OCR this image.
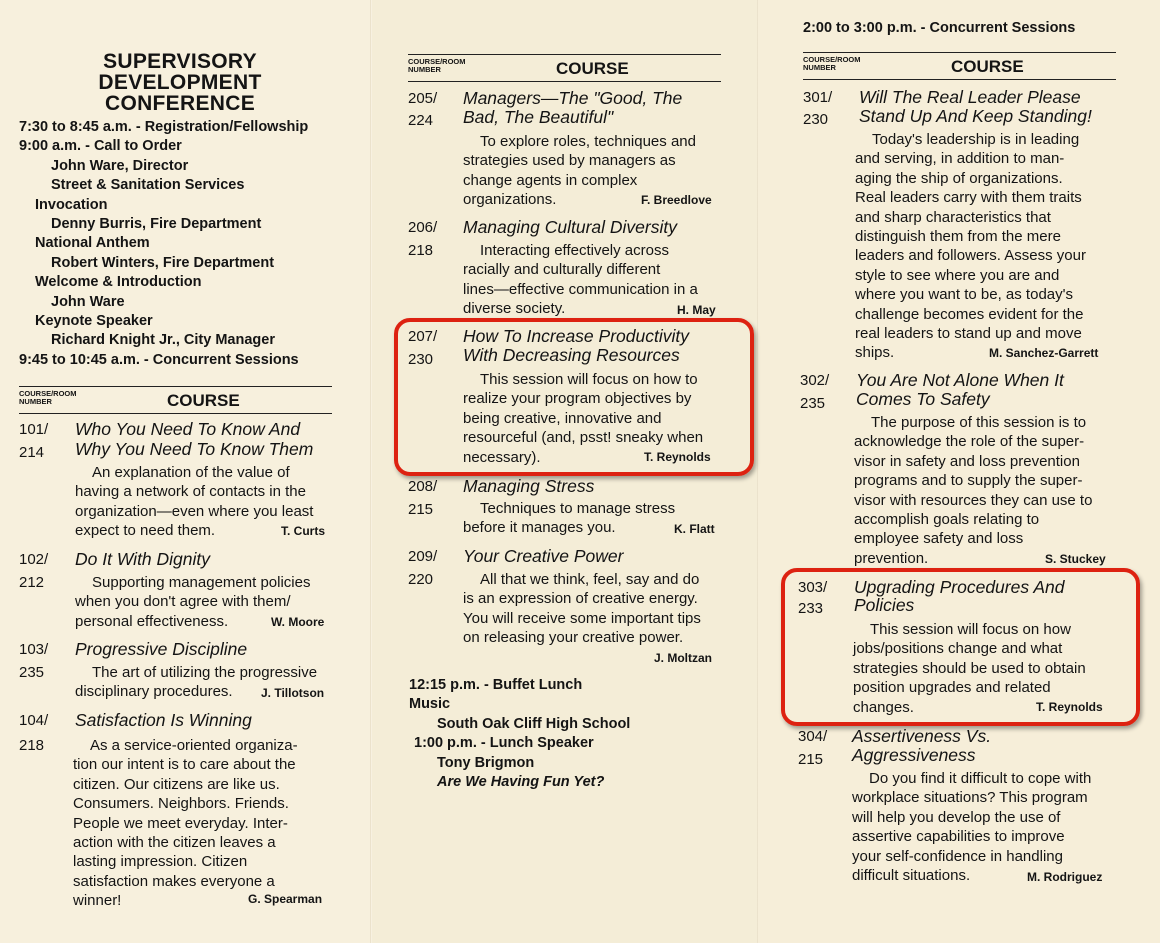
SUPERVISORY
DEVELOPMENT
CONFERENCE
7:30 to 8:45 a.m. - Registration/Fellowship
9:00 a.m. - Call to Order
John Ware, Director
Street & Sanitation Services
Invocation
Denny Burris, Fire Department
National Anthem
Robert Winters, Fire Department
Welcome & Introduction
John Ware
Keynote Speaker
Richard Knight Jr., City Manager
9:45 to 10:45 a.m. - Concurrent Sessions
COURSE/ROOM
NUMBER	COURSE
101/
214
Who You Need To Know And
Why You Need To Know Them
An explanation of the value of
having a network of contacts in the
organization—even where you least
expect to need them.	T. Curts
102/
212
Do It With Dignity
Supporting management policies
when you don't agree with them/
personal effectiveness.	W. Moore
103/
235
Progressive Discipline
The art of utilizing the progressive
disciplinary procedures.	J. Tillotson
104/
218
Satisfaction Is Winning
As a service-oriented organiza-
tion our intent is to care about the
citizen. Our citizens are like us.
Consumers. Neighbors. Friends.
People we meet everyday. Inter-
action with the citizen leaves a
lasting impression. Citizen
satisfaction makes everyone a
winner!	G. Spearman
COURSE/ROOM
NUMBER	COURSE
205/
224
Managers—The "Good, The
Bad, The Beautiful"
To explore roles, techniques and
strategies used by managers as
change agents in complex
organizations.	F. Breedlove
206/
218
Managing Cultural Diversity
Interacting effectively across
racially and culturally different
lines—effective communication in a
diverse society.	H. May
207/
230
How To Increase Productivity
With Decreasing Resources
This session will focus on how to
realize your program objectives by
being creative, innovative and
resourceful (and, psst! sneaky when
necessary).	T. Reynolds
208/
215
Managing Stress
Techniques to manage stress
before it manages you.	K. Flatt
209/
220
Your Creative Power
All that we think, feel, say and do
is an expression of creative energy.
You will receive some important tips
on releasing your creative power.
J. Moltzan
12:15 p.m. - Buffet Lunch
Music
South Oak Cliff High School
1:00 p.m. - Lunch Speaker
Tony Brigmon
Are We Having Fun Yet?
2:00 to 3:00 p.m. - Concurrent Sessions
COURSE/ROOM
NUMBER	COURSE
301/
230
Will The Real Leader Please
Stand Up And Keep Standing!
Today's leadership is in leading
and serving, in addition to man-
aging the ship of organizations.
Real leaders carry with them traits
and sharp characteristics that
distinguish them from the mere
leaders and followers. Assess your
style to see where you are and
where you want to be, as today's
challenge becomes evident for the
real leaders to stand up and move
ships.	M. Sanchez-Garrett
302/
235
You Are Not Alone When It
Comes To Safety
The purpose of this session is to
acknowledge the role of the super-
visor in safety and loss prevention
programs and to supply the super-
visor with resources they can use to
accomplish goals relating to
employee safety and loss
prevention.	S. Stuckey
303/
233
Upgrading Procedures And
Policies
This session will focus on how
jobs/positions change and what
strategies should be used to obtain
position upgrades and related
changes.	T. Reynolds
304/
215
Assertiveness Vs.
Aggressiveness
Do you find it difficult to cope with
workplace situations? This program
will help you develop the use of
assertive capabilities to improve
your self-confidence in handling
difficult situations.	M. Rodriguez
